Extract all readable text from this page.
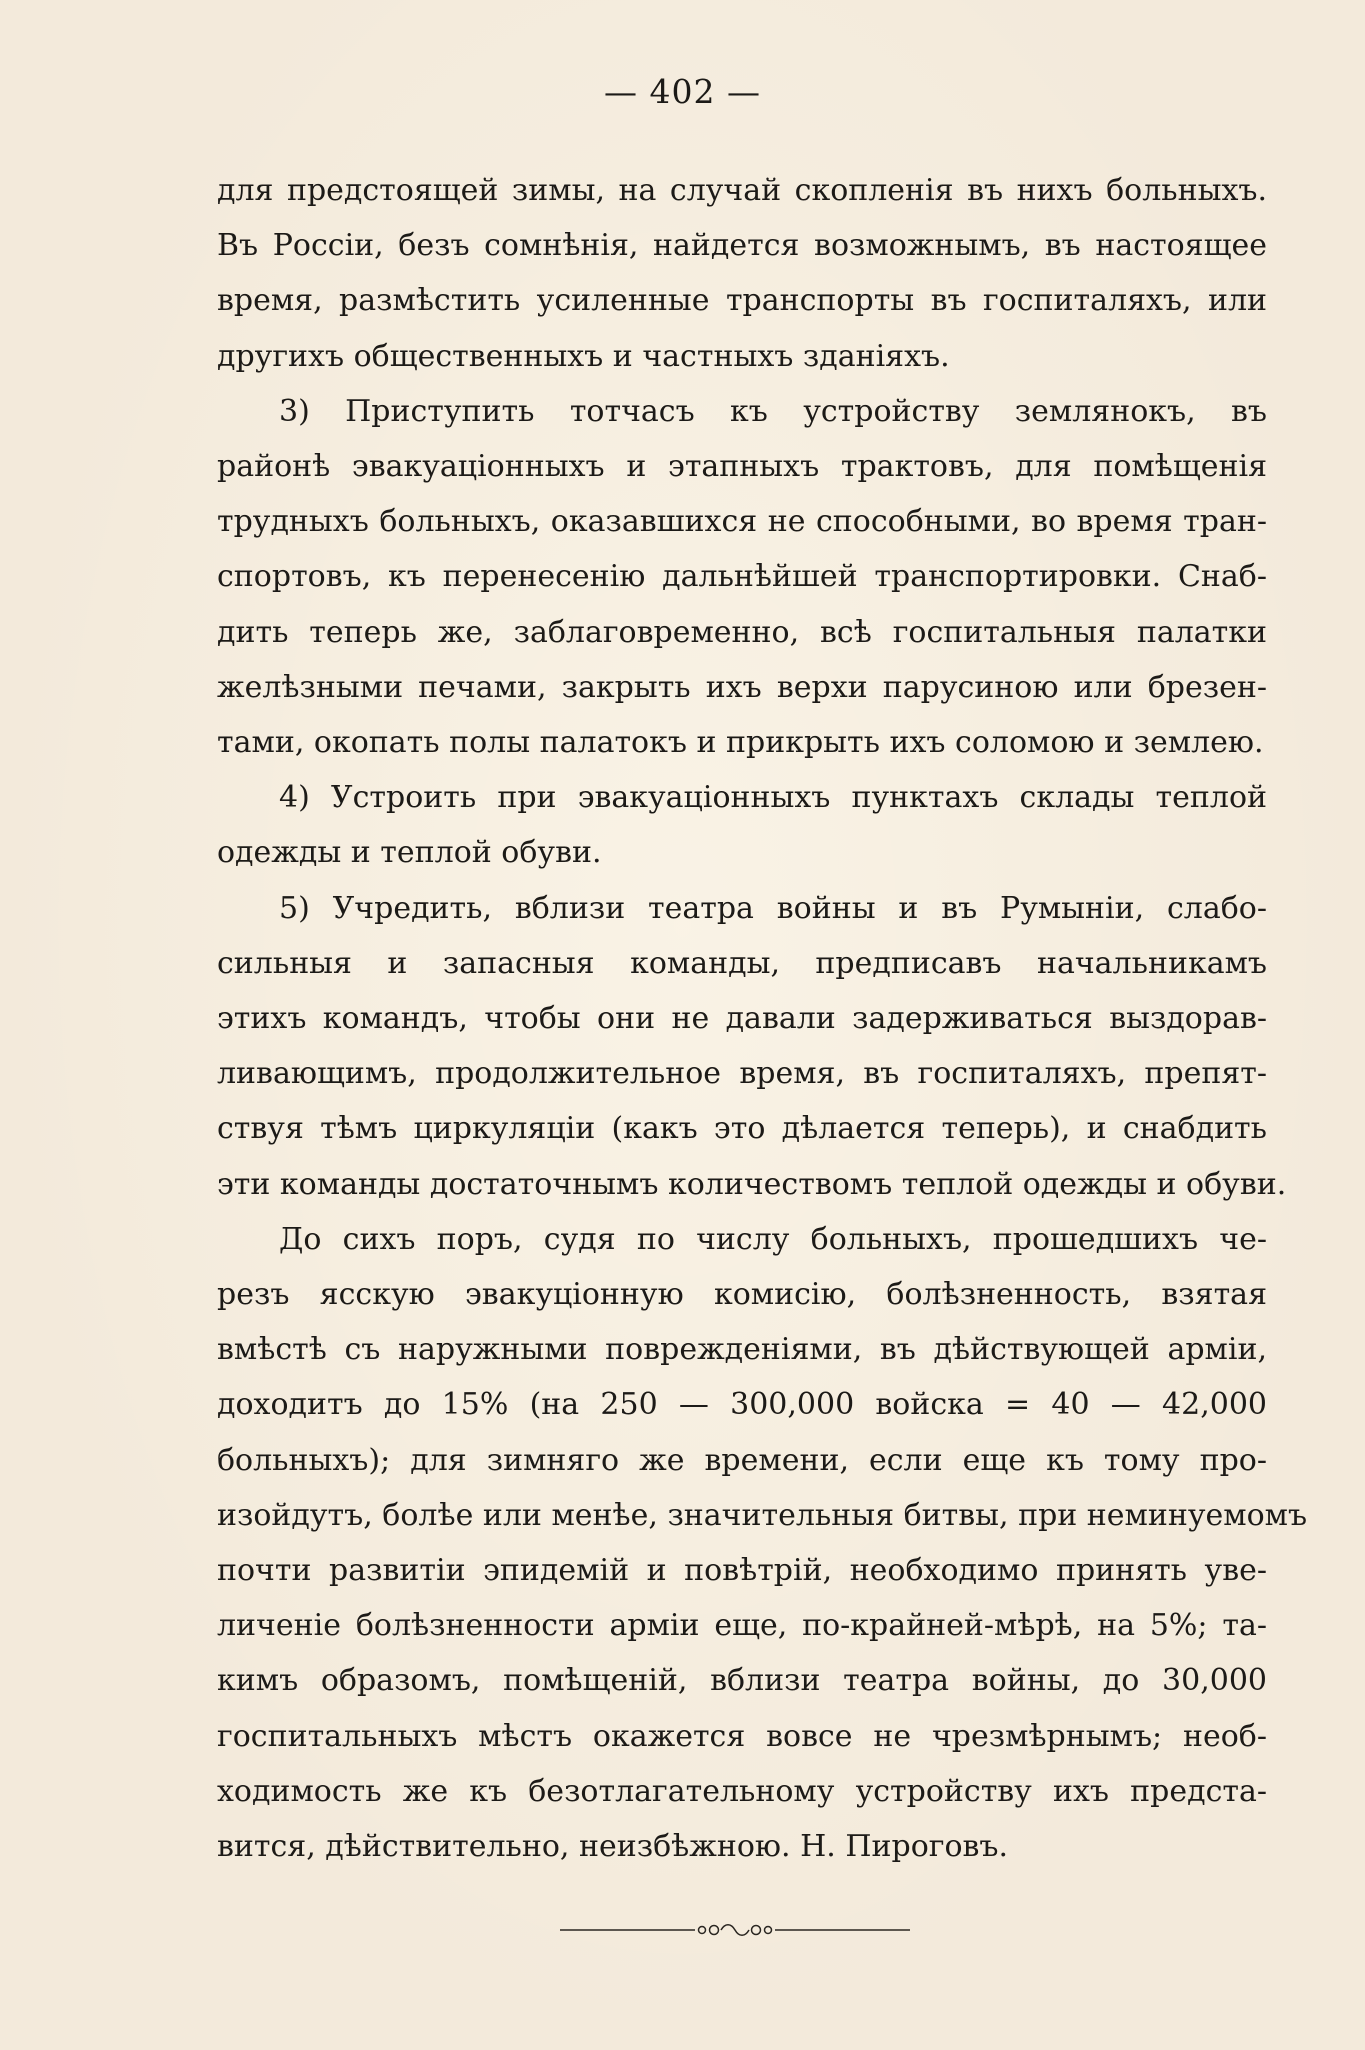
— 402 —
для предстоящей зимы, на случай скопленія въ нихъ больныхъ.
Въ Россіи, безъ сомнѣнія, найдется возможнымъ, въ настоящее
время, размѣстить усиленные транспорты въ госпиталяхъ, или
другихъ общественныхъ и частныхъ зданіяхъ.
3) Приступить тотчасъ къ устройству землянокъ, въ
районѣ эвакуаціонныхъ и этапныхъ трактовъ, для помѣщенія
трудныхъ больныхъ, оказавшихся не способными, во время тран-
спортовъ, къ перенесенію дальнѣйшей транспортировки. Снаб-
дить теперь же, заблаговременно, всѣ госпитальныя палатки
желѣзными печами, закрыть ихъ верхи парусиною или брезен-
тами, окопать полы палатокъ и прикрыть ихъ соломою и землею.
4) Устроить при эвакуаціонныхъ пунктахъ склады теплой
одежды и теплой обуви.
5) Учредить, вблизи театра войны и въ Румыніи, слабо-
сильныя и запасныя команды, предписавъ начальникамъ
этихъ командъ, чтобы они не давали задерживаться выздорав-
ливающимъ, продолжительное время, въ госпиталяхъ, препят-
ствуя тѣмъ циркуляціи (какъ это дѣлается теперь), и снабдить
эти команды достаточнымъ количествомъ теплой одежды и обуви.
До сихъ поръ, судя по числу больныхъ, прошедшихъ че-
резъ ясскую эвакуціонную комисію, болѣзненность, взятая
вмѣстѣ съ наружными поврежденіями, въ дѣйствующей арміи,
доходитъ до 15% (на 250 — 300,000 войска = 40 — 42,000
больныхъ); для зимняго же времени, если еще къ тому про-
изойдутъ, болѣе или менѣе, значительныя битвы, при неминуемомъ
почти развитіи эпидемій и повѣтрій, необходимо принять уве-
личеніе болѣзненности арміи еще, по-крайней-мѣрѣ, на 5%; та-
кимъ образомъ, помѣщеній, вблизи театра войны, до 30,000
госпитальныхъ мѣстъ окажется вовсе не чрезмѣрнымъ; необ-
ходимость же къ безотлагательному устройству ихъ предста-
вится, дѣйствительно, неизбѣжною. Н. Пироговъ.
